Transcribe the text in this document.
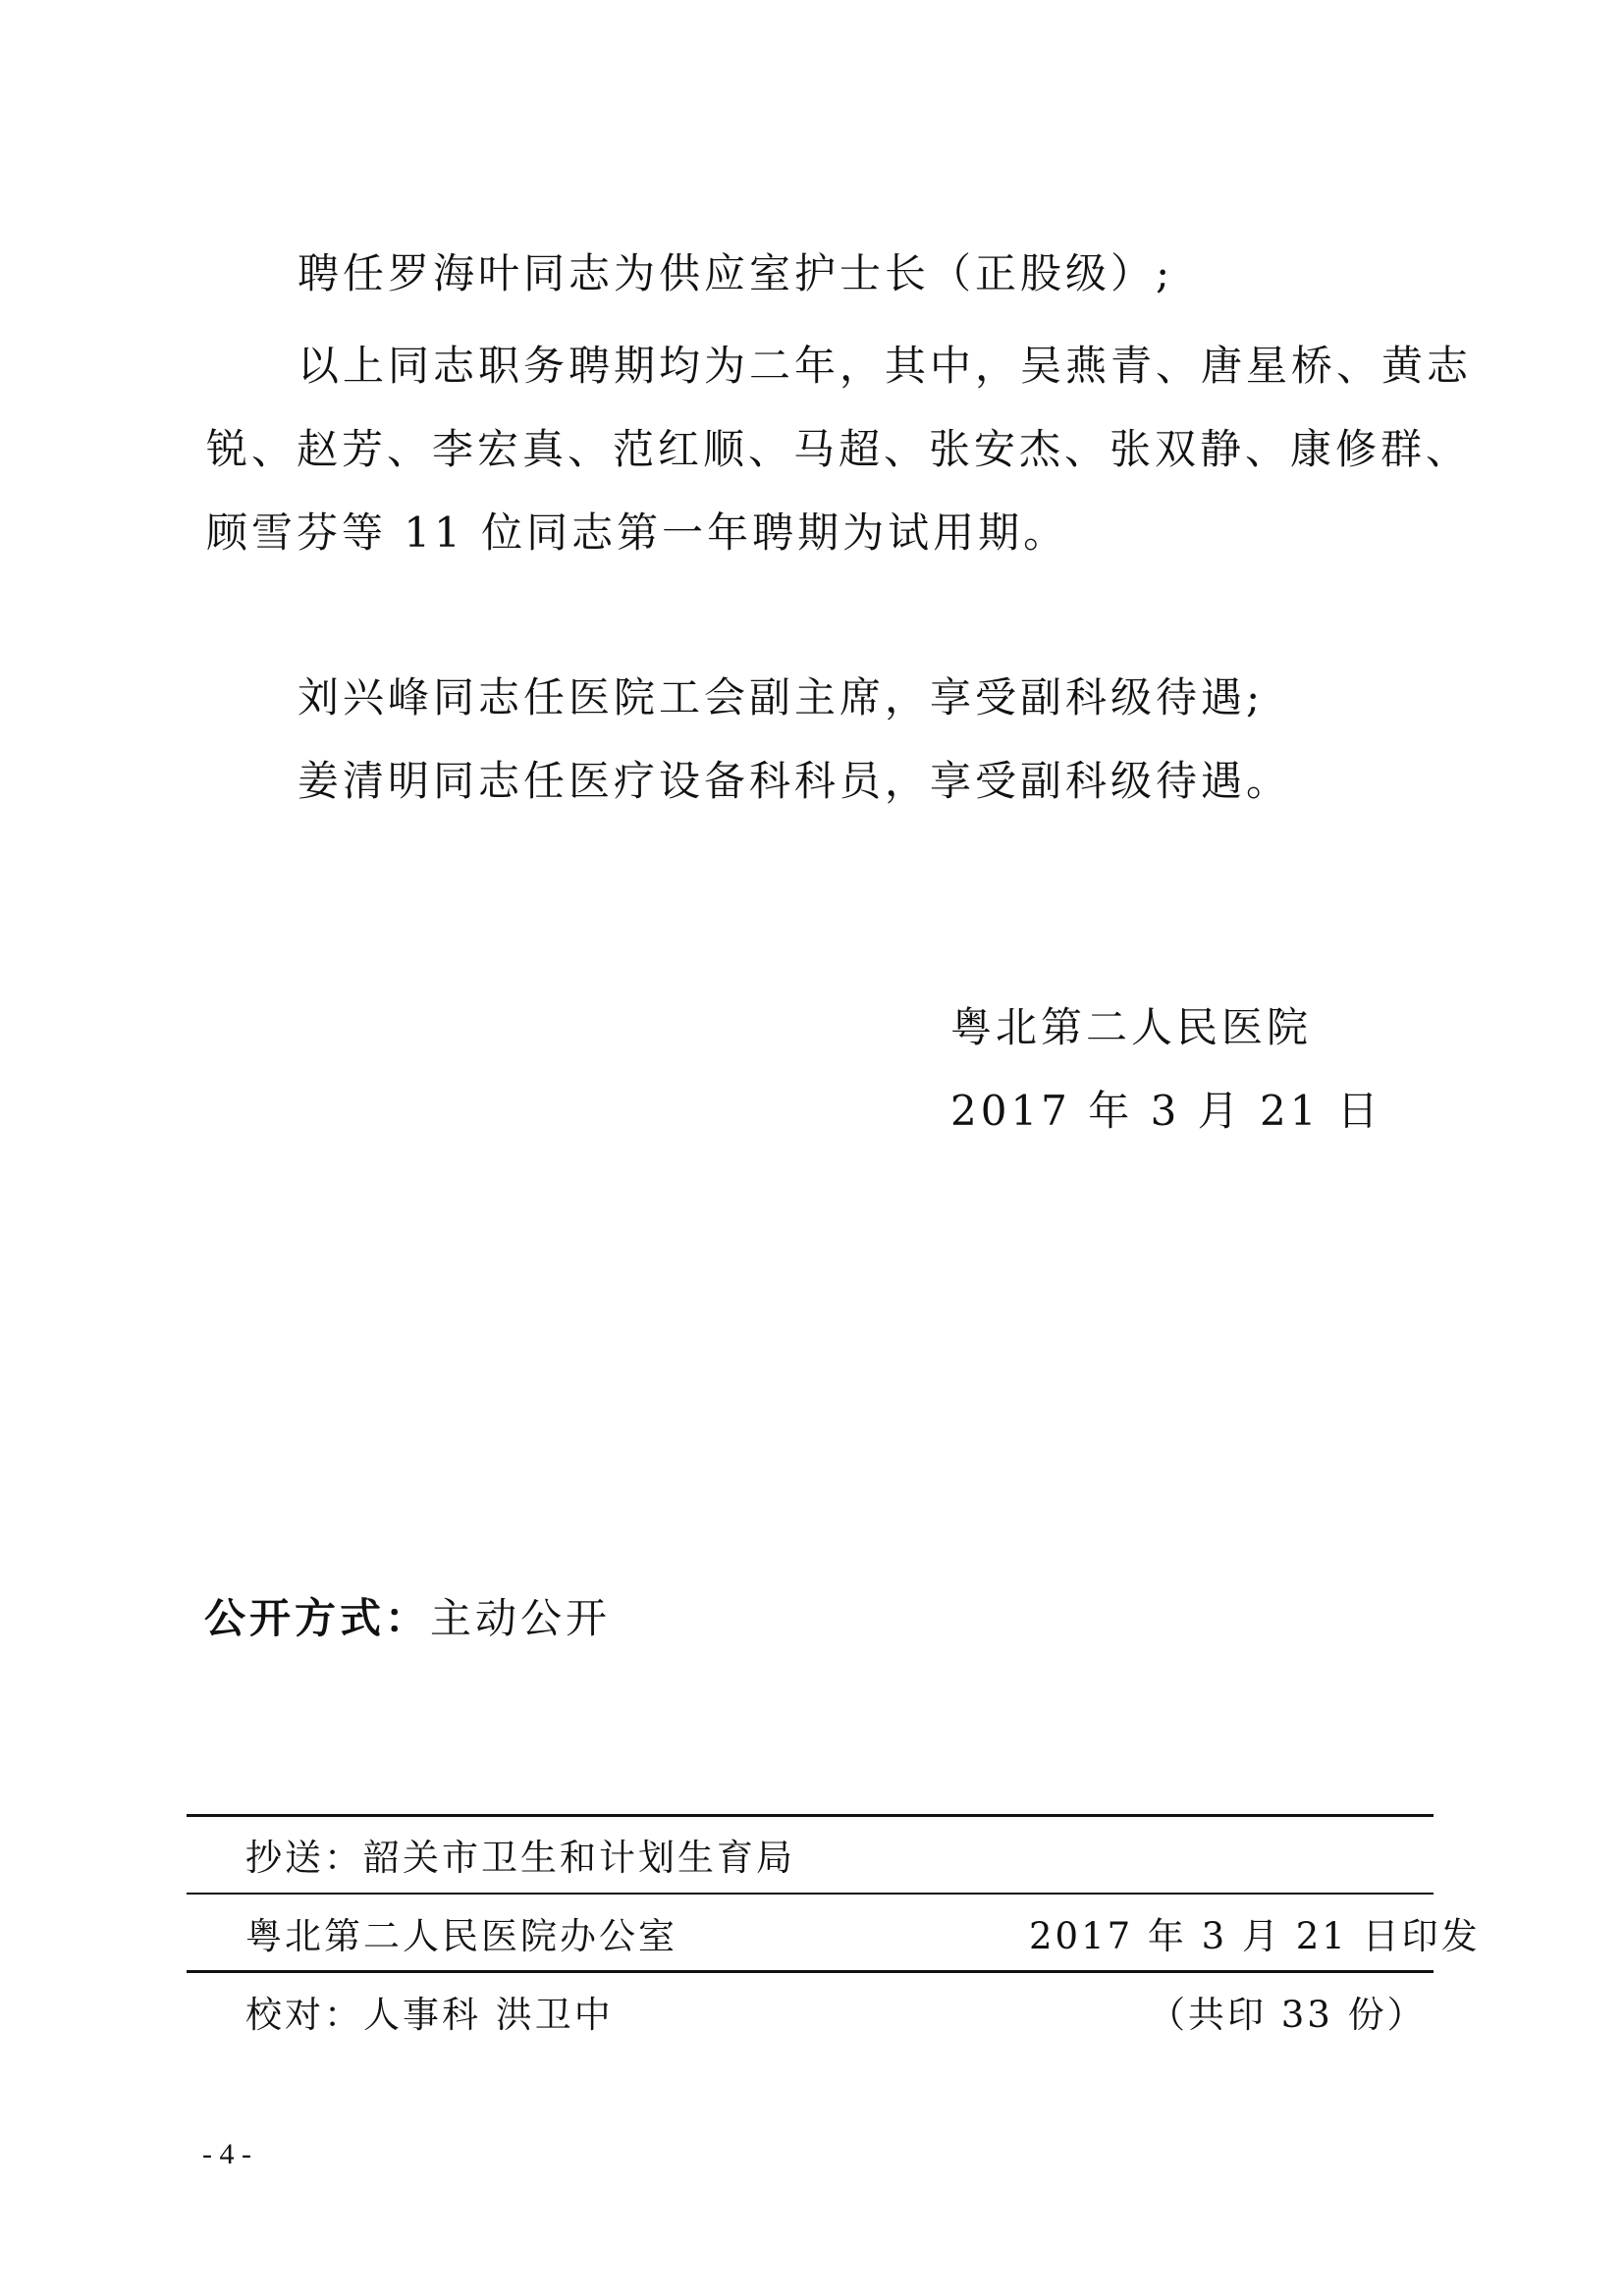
聘任罗海叶同志为供应室护士长（正股级）;
以上同志职务聘期均为二年，其中，吴燕青、唐星桥、黄志
锐、赵芳、李宏真、范红顺、马超、张安杰、张双静、康修群、
顾雪芬等 11 位同志第一年聘期为试用期。
刘兴峰同志任医院工会副主席，享受副科级待遇;
姜清明同志任医疗设备科科员，享受副科级待遇。
粤北第二人民医院
2017 年 3 月 21 日
公开方式：主动公开
抄送：韶关市卫生和计划生育局
粤北第二人民医院办公室	2017 年 3 月 21 日印发
校对：人事科 洪卫中	（共印 33 份）
- 4 -
